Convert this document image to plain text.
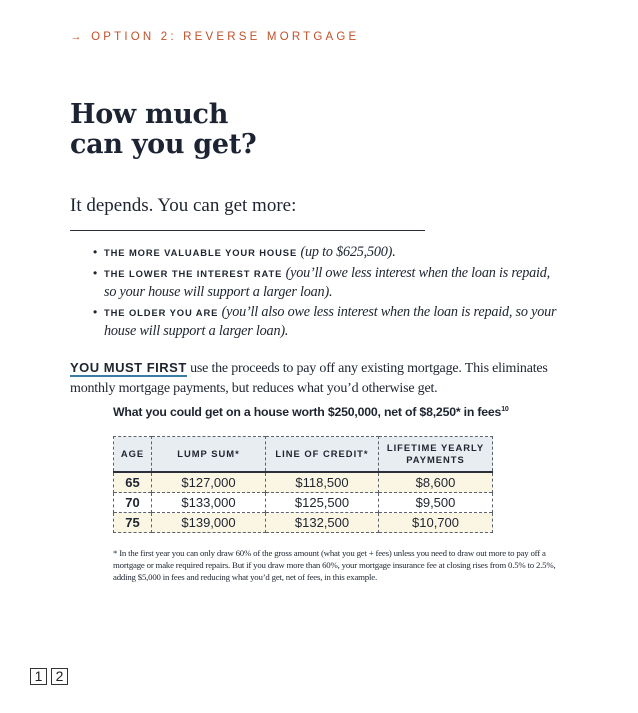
→ OPTION 2: REVERSE MORTGAGE
How much
can you get?
It depends. You can get more:
• THE MORE VALUABLE YOUR HOUSE (up to $625,500).
• THE LOWER THE INTEREST RATE (you’ll owe less interest when the loan is repaid, so your house will support a larger loan).
• THE OLDER YOU ARE (you’ll also owe less interest when the loan is repaid, so your house will support a larger loan).
YOU MUST FIRST use the proceeds to pay off any existing mortgage. This eliminates monthly mortgage payments, but reduces what you’d otherwise get.
What you could get on a house worth $250,000, net of $8,250* in fees$^{10}$
AGE	LUMP SUM*	LINE OF CREDIT*	LIFETIME YEARLY PAYMENTS
65	$127,000	$118,500	$8,600
70	$133,000	$125,500	$9,500
75	$139,000	$132,500	$10,700
* In the first year you can only draw 60% of the gross amount (what you get + fees) unless you need to draw out more to pay off a mortgage or make required repairs. But if you draw more than 60%, your mortgage insurance fee at closing rises from 0.5% to 2.5%, adding $5,000 in fees and reducing what you’d get, net of fees, in this example.
1 2
